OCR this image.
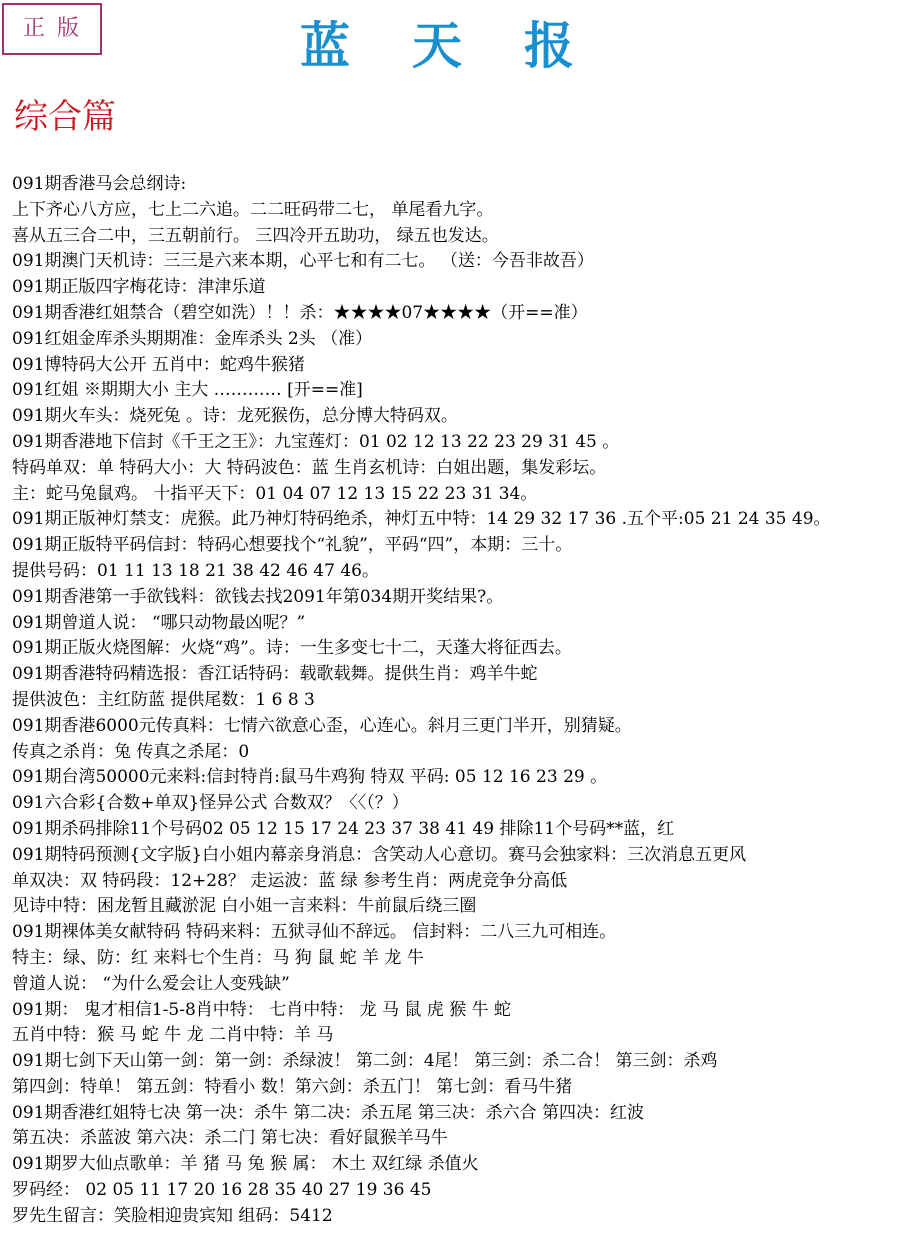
正版	蓝天报
综合篇
091期香港马会总纲诗:
上下齐心八方应，七上二六追。二二旺码带二七， 单尾看九字。
喜从五三合二中，三五朝前行。 三四冷开五助功， 绿五也发达。
091期澳门天机诗：三三是六来本期，心平七和有二七。 （送：今吾非故吾）
091期正版四字梅花诗：津津乐道
091期香港红姐禁合（碧空如洗）！！杀：★★★★07★★★★（开==准）
091红姐金库杀头期期准：金库杀头 2头 （准）
091博特码大公开 五肖中：蛇鸡牛猴猪
091红姐 ※期期大小 主大 ………… [开==准]
091期火车头：烧死兔 。诗：龙死猴伤，总分博大特码双。
091期香港地下信封《千王之王》：九宝莲灯：01 02 12 13 22 23 29 31 45 。
特码单双：单 特码大小：大 特码波色：蓝 生肖玄机诗：白姐出题，集发彩坛。
主：蛇马兔鼠鸡。 十指平天下：01 04 07 12 13 15 22 23 31 34。
091期正版神灯禁支：虎猴。此乃神灯特码绝杀，神灯五中特：14 29 32 17 36 .五个平:05 21 24 35 49。
091期正版特平码信封：特码心想要找个“礼貌”，平码“四”，本期：三十。
提供号码：01 11 13 18 21 38 42 46 47 46。
091期香港第一手欲钱料：欲钱去找2091年第034期开奖结果?。
091期曾道人说： “哪只动物最凶呢？”
091期正版火烧图解：火烧“鸡”。诗：一生多变七十二，天蓬大将征西去。
091期香港特码精选报：香江话特码：载歌载舞。提供生肖：鸡羊牛蛇
提供波色：主红防蓝 提供尾数：1 6 8 3
091期香港6000元传真料：七情六欲意心歪，心连心。斜月三更门半开，别猜疑。
传真之杀肖：兔 传真之杀尾：0
091期台湾50000元来料:信封特肖:鼠马牛鸡狗 特双 平码: 05 12 16 23 29 。
091六合彩{合数+单双}怪异公式 合数双？〈〈（？）
091期杀码排除11个号码02 05 12 15 17 24 23 37 38 41 49 排除11个号码**蓝，红
091期特码预测{文字版}白小姐内幕亲身消息：含笑动人心意切。赛马会独家料：三次消息五更风
单双决：双 特码段：12+28？ 走运波：蓝 绿 参考生肖：两虎竞争分高低
见诗中特：困龙暂且藏淤泥 白小姐一言来料：牛前鼠后绕三圈
091期裸体美女献特码 特码来料：五狱寻仙不辞远。 信封料：二八三九可相连。
特主：绿、防：红 来料七个生肖：马 狗 鼠 蛇 羊 龙 牛
曾道人说： “为什么爱会让人变残缺”
091期： 鬼才相信1-5-8肖中特： 七肖中特： 龙 马 鼠 虎 猴 牛 蛇
五肖中特：猴 马 蛇 牛 龙 二肖中特：羊 马
091期七剑下天山第一剑：第一剑：杀绿波！ 第二剑：4尾！ 第三剑：杀二合！ 第三剑：杀鸡
第四剑：特单！ 第五剑：特看小 数！第六剑：杀五门！ 第七剑：看马牛猪
091期香港红姐特七决 第一决：杀牛 第二决：杀五尾 第三决：杀六合 第四决：红波
第五决：杀蓝波 第六决：杀二门 第七决：看好鼠猴羊马牛
091期罗大仙点歌单：羊 猪 马 兔 猴 属： 木土 双红绿 杀值火
罗码经： 02 05 11 17 20 16 28 35 40 27 19 36 45
罗先生留言：笑脸相迎贵宾知 组码：5412
